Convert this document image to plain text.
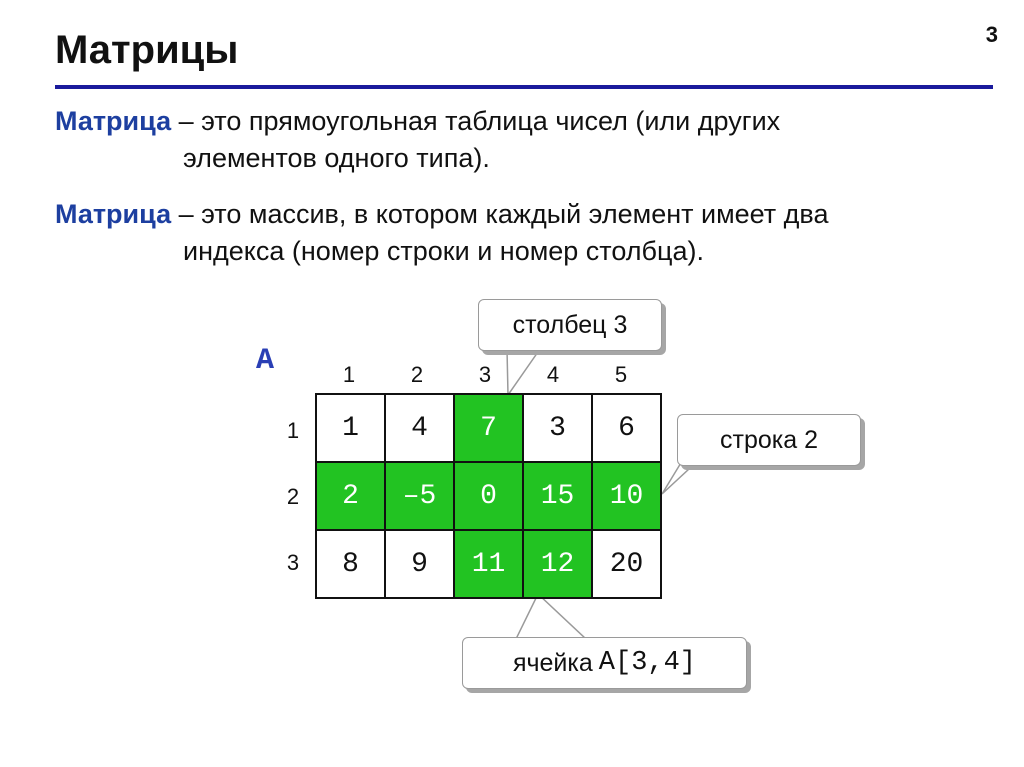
Матрицы	3
Матрица – это прямоугольная таблица чисел (или других
элементов одного типа).
Матрица – это массив, в котором каждый элемент имеет два
индекса (номер строки и номер столбца).
столбец 3
строка 2
ячейка A[3,4]
A	1	2	3	4	5
1
2
3
1	4	7	3	6
2	–5	0	15	10
8	9	11	12	20
